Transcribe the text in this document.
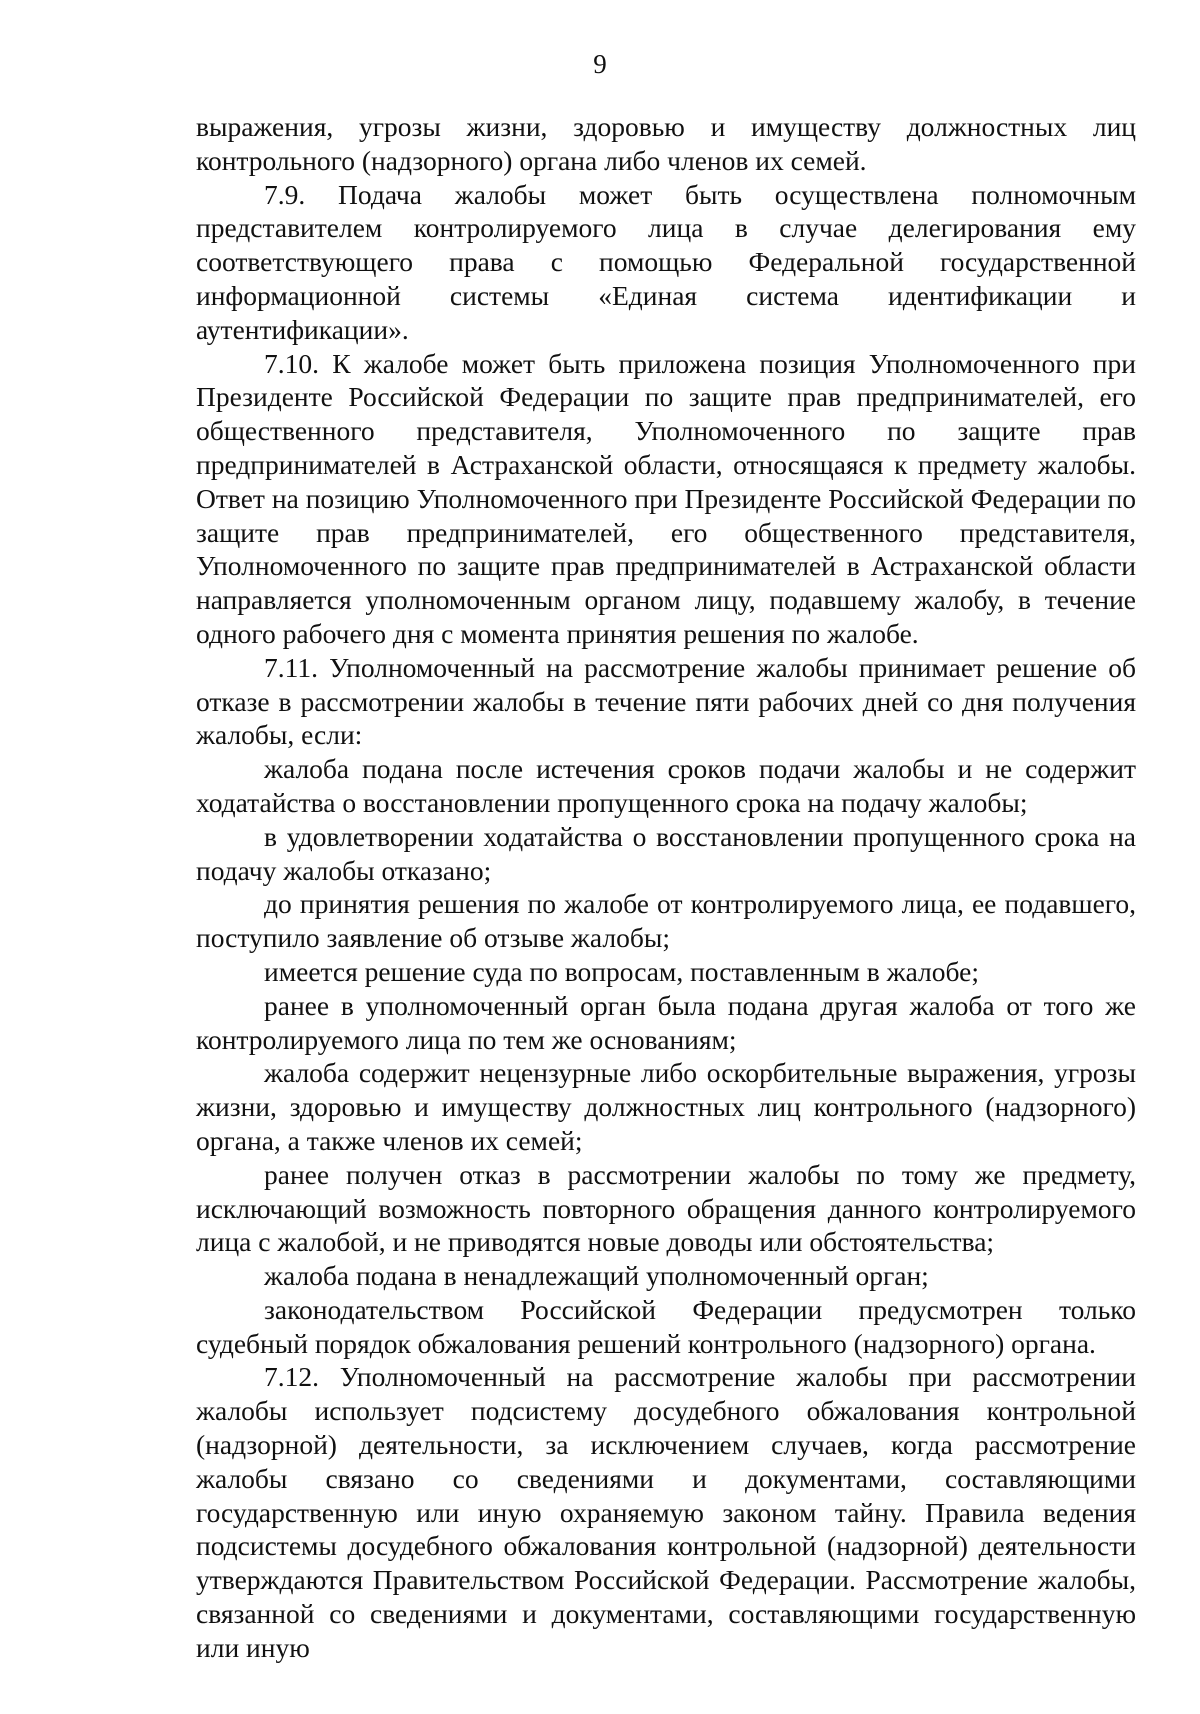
9

выражения, угрозы жизни, здоровью и имуществу должностных лиц контрольного (надзорного) органа либо членов их семей.

7.9. Подача жалобы может быть осуществлена полномочным представителем контролируемого лица в случае делегирования ему соответствующего права с помощью Федеральной государственной информационной системы «Единая система идентификации и аутентификации».

7.10. К жалобе может быть приложена позиция Уполномоченного при Президенте Российской Федерации по защите прав предпринимателей, его общественного представителя, Уполномоченного по защите прав предпринимателей в Астраханской области, относящаяся к предмету жалобы. Ответ на позицию Уполномоченного при Президенте Российской Федерации по защите прав предпринимателей, его общественного представителя, Уполномоченного по защите прав предпринимателей в Астраханской области направляется уполномоченным органом лицу, подавшему жалобу, в течение одного рабочего дня с момента принятия решения по жалобе.

7.11. Уполномоченный на рассмотрение жалобы принимает решение об отказе в рассмотрении жалобы в течение пяти рабочих дней со дня получения жалобы, если:

жалоба подана после истечения сроков подачи жалобы и не содержит ходатайства о восстановлении пропущенного срока на подачу жалобы;

в удовлетворении ходатайства о восстановлении пропущенного срока на подачу жалобы отказано;

до принятия решения по жалобе от контролируемого лица, ее подавшего, поступило заявление об отзыве жалобы;

имеется решение суда по вопросам, поставленным в жалобе;

ранее в уполномоченный орган была подана другая жалоба от того же контролируемого лица по тем же основаниям;

жалоба содержит нецензурные либо оскорбительные выражения, угрозы жизни, здоровью и имуществу должностных лиц контрольного (надзорного) органа, а также членов их семей;

ранее получен отказ в рассмотрении жалобы по тому же предмету, исключающий возможность повторного обращения данного контролируемого лица с жалобой, и не приводятся новые доводы или обстоятельства;

жалоба подана в ненадлежащий уполномоченный орган;

законодательством Российской Федерации предусмотрен только судебный порядок обжалования решений контрольного (надзорного) органа.

7.12. Уполномоченный на рассмотрение жалобы при рассмотрении жалобы использует подсистему досудебного обжалования контрольной (надзорной) деятельности, за исключением случаев, когда рассмотрение жалобы связано со сведениями и документами, составляющими государственную или иную охраняемую законом тайну. Правила ведения подсистемы досудебного обжалования контрольной (надзорной) деятельности утверждаются Правительством Российской Федерации. Рассмотрение жалобы, связанной со сведениями и документами, составляющими государственную или иную
